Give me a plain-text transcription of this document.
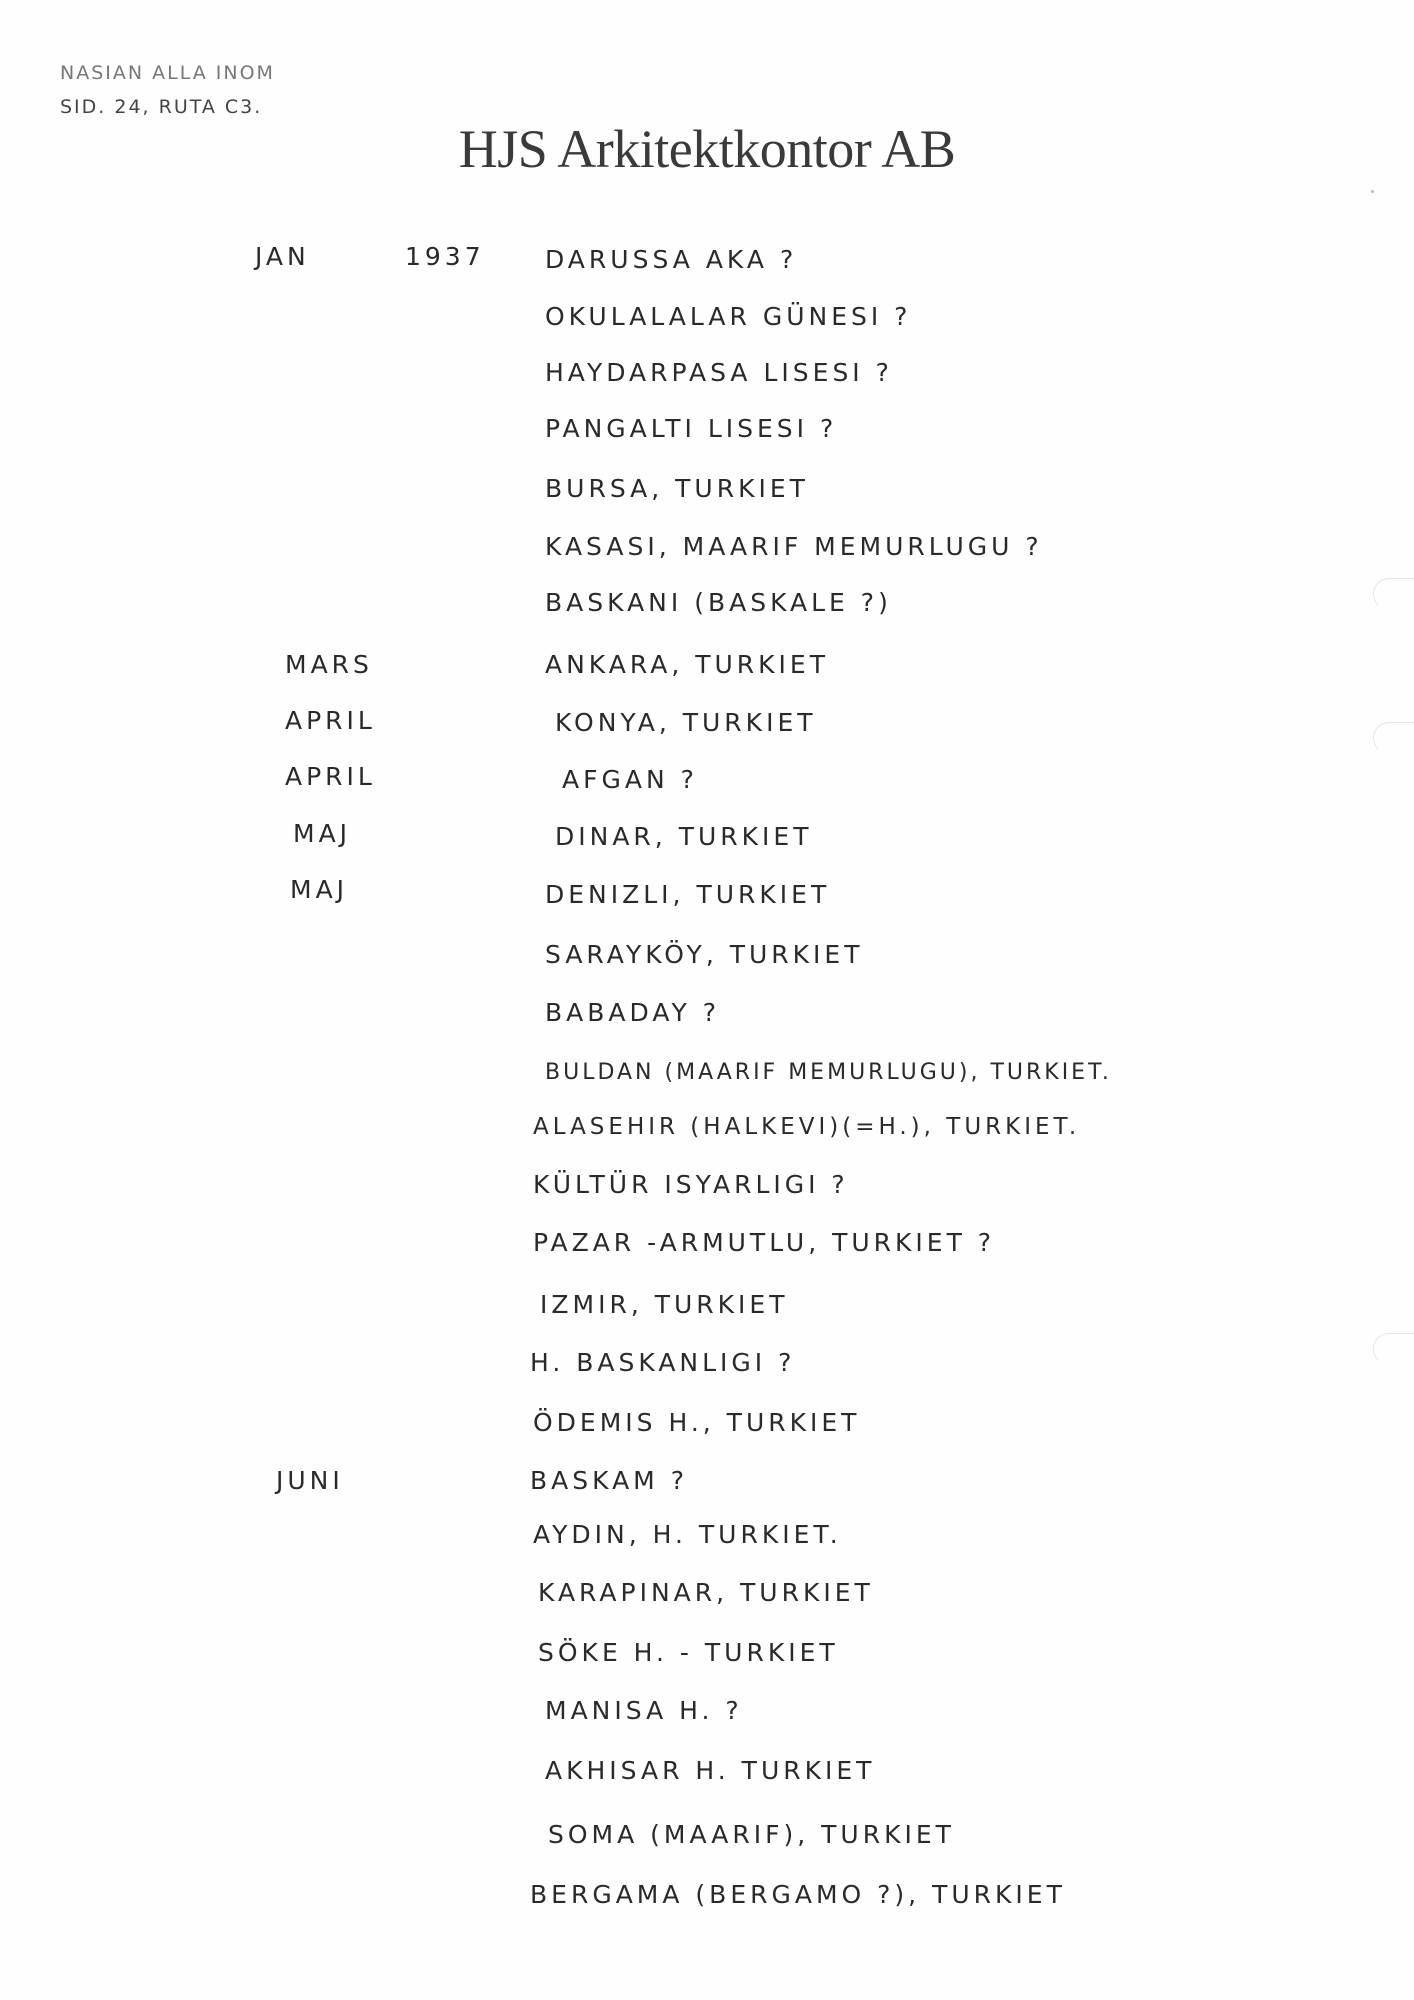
NASIAN ALLA INOM
SID. 24, RUTA C3.
HJS Arkitektkontor AB
1937
JAN
MARS
APRIL
APRIL
MAJ
MAJ
JUNI
DARUSSA AKA ?
OKULALALAR GÜNESI ?
HAYDARPASA LISESI ?
PANGALTI LISESI ?
BURSA, TURKIET
KASASI, MAARIF MEMURLUGU ?
BASKANI (BASKALE ?)
ANKARA, TURKIET
KONYA, TURKIET
AFGAN ?
DINAR, TURKIET
DENIZLI, TURKIET
SARAYKÖY, TURKIET
BABADAY ?
BULDAN (MAARIF MEMURLUGU), TURKIET.
ALASEHIR (HALKEVI)(=H.), TURKIET.
KÜLTÜR ISYARLIGI ?
PAZAR -ARMUTLU, TURKIET ?
IZMIR, TURKIET
H. BASKANLIGI ?
ÖDEMIS H., TURKIET
BASKAM ?
AYDIN, H. TURKIET.
KARAPINAR, TURKIET
SÖKE H. - TURKIET
MANISA H. ?
AKHISAR H. TURKIET
SOMA (MAARIF), TURKIET
BERGAMA (BERGAMO ?), TURKIET
